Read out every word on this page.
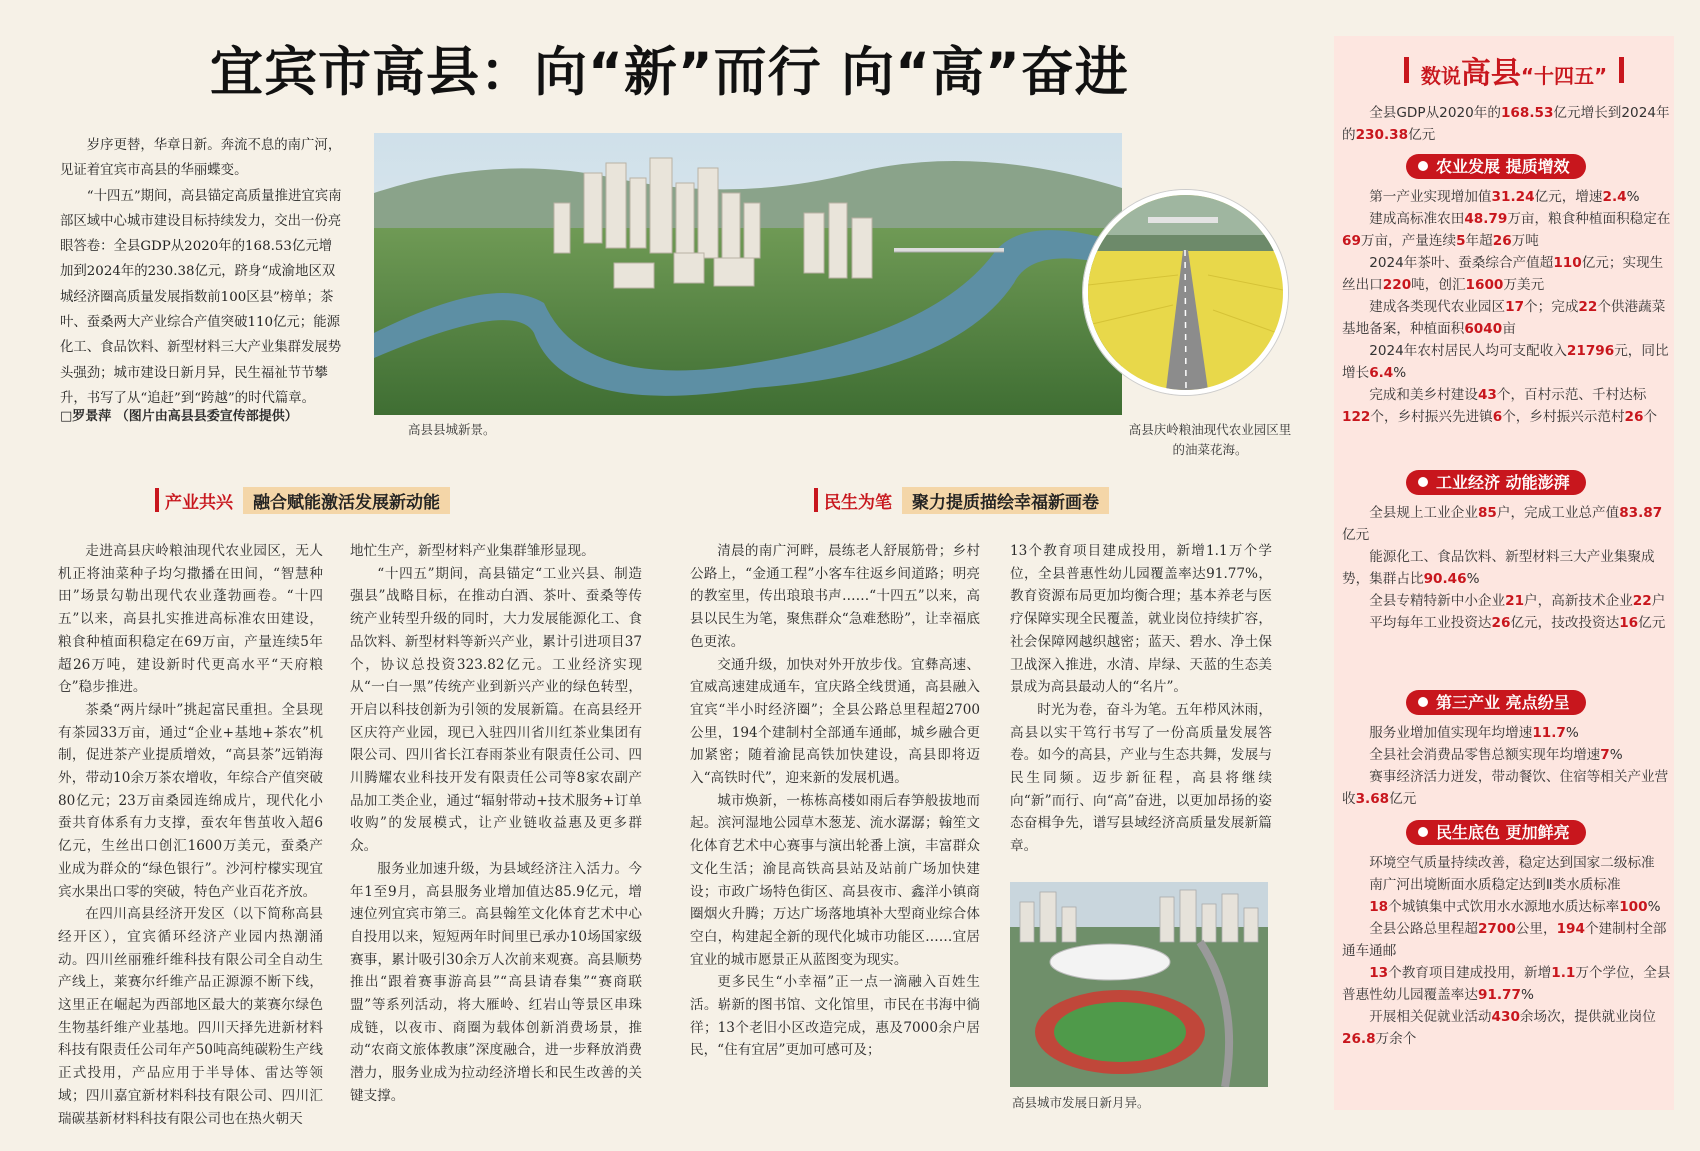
宜宾市高县：向“新”而行 向“高”奋进

岁序更替，华章日新。奔流不息的南广河，见证着宜宾市高县的华丽蝶变。

“十四五”期间，高县锚定高质量推进宜宾南部区域中心城市建设目标持续发力，交出一份亮眼答卷：全县GDP从2020年的168.53亿元增加到2024年的230.38亿元，跻身“成渝地区双城经济圈高质量发展指数前100区县”榜单；茶叶、蚕桑两大产业综合产值突破110亿元；能源化工、食品饮料、新型材料三大产业集群发展势头强劲；城市建设日新月异，民生福祉节节攀升，书写了从“追赶”到“跨越”的时代篇章。

□罗景萍 （图片由高县县委宣传部提供）
高县县城新景。	高县庆岭粮油现代农业园区里的油菜花海。
高县城市发展日新月异。
产业共兴	融合赋能激活发展新动能	民生为笔	聚力提质描绘幸福新画卷

走进高县庆岭粮油现代农业园区，无人机正将油菜种子均匀撒播在田间，“智慧种田”场景勾勒出现代农业蓬勃画卷。“十四五”以来，高县扎实推进高标准农田建设，粮食种植面积稳定在69万亩，产量连续5年超26万吨，建设新时代更高水平“天府粮仓”稳步推进。

茶桑“两片绿叶”挑起富民重担。全县现有茶园33万亩，通过“企业+基地+茶农”机制，促进茶产业提质增效，“高县茶”远销海外，带动10余万茶农增收，年综合产值突破80亿元；23万亩桑园连绵成片，现代化小蚕共育体系有力支撑，蚕农年售茧收入超6亿元，生丝出口创汇1600万美元，蚕桑产业成为群众的“绿色银行”。沙河柠檬实现宜宾水果出口零的突破，特色产业百花齐放。

在四川高县经济开发区（以下简称高县经开区），宜宾循环经济产业园内热潮涌动。四川丝丽雅纤维科技有限公司全自动生产线上，莱赛尔纤维产品正源源不断下线，这里正在崛起为西部地区最大的莱赛尔绿色生物基纤维产业基地。四川天择先进新材料科技有限责任公司年产50吨高纯碳粉生产线正式投用，产品应用于半导体、雷达等领域；四川嘉宜新材料科技有限公司、四川汇瑞碳基新材料科技有限公司也在热火朝天

地忙生产，新型材料产业集群雏形显现。

“十四五”期间，高县锚定“工业兴县、制造强县”战略目标，在推动白酒、茶叶、蚕桑等传统产业转型升级的同时，大力发展能源化工、食品饮料、新型材料等新兴产业，累计引进项目37个，协议总投资323.82亿元。工业经济实现从“一白一黑”传统产业到新兴产业的绿色转型，开启以科技创新为引领的发展新篇。在高县经开区庆符产业园，现已入驻四川省川红茶业集团有限公司、四川省长江春雨茶业有限责任公司、四川腾耀农业科技开发有限责任公司等8家农副产品加工类企业，通过“辐射带动+技术服务+订单收购”的发展模式，让产业链收益惠及更多群众。

服务业加速升级，为县域经济注入活力。今年1至9月，高县服务业增加值达85.9亿元，增速位列宜宾市第三。高县翰笙文化体育艺术中心自投用以来，短短两年时间里已承办10场国家级赛事，累计吸引30余万人次前来观赛。高县顺势推出“跟着赛事游高县”“高县请春集”“赛商联盟”等系列活动，将大雁岭、红岩山等景区串珠成链，以夜市、商圈为载体创新消费场景，推动“农商文旅体教康”深度融合，进一步释放消费潜力，服务业成为拉动经济增长和民生改善的关键支撑。

清晨的南广河畔，晨练老人舒展筋骨；乡村公路上，“金通工程”小客车往返乡间道路；明亮的教室里，传出琅琅书声……“十四五”以来，高县以民生为笔，聚焦群众“急难愁盼”，让幸福底色更浓。

交通升级，加快对外开放步伐。宜彝高速、宜威高速建成通车，宜庆路全线贯通，高县融入宜宾“半小时经济圈”；全县公路总里程超2700公里，194个建制村全部通车通邮，城乡融合更加紧密；随着渝昆高铁加快建设，高县即将迈入“高铁时代”，迎来新的发展机遇。

城市焕新，一栋栋高楼如雨后春笋般拔地而起。滨河湿地公园草木葱茏、流水潺潺；翰笙文化体育艺术中心赛事与演出轮番上演，丰富群众文化生活；渝昆高铁高县站及站前广场加快建设；市政广场特色街区、高县夜市、鑫洋小镇商圈烟火升腾；万达广场落地填补大型商业综合体空白，构建起全新的现代化城市功能区……宜居宜业的城市愿景正从蓝图变为现实。

更多民生“小幸福”正一点一滴融入百姓生活。崭新的图书馆、文化馆里，市民在书海中徜徉；13个老旧小区改造完成，惠及7000余户居民，“住有宜居”更加可感可及；

13个教育项目建成投用，新增1.1万个学位，全县普惠性幼儿园覆盖率达91.77%，教育资源布局更加均衡合理；基本养老与医疗保障实现全民覆盖，就业岗位持续扩容，社会保障网越织越密；蓝天、碧水、净土保卫战深入推进，水清、岸绿、天蓝的生态美景成为高县最动人的“名片”。

时光为卷，奋斗为笔。五年栉风沐雨，高县以实干笃行书写了一份高质量发展答卷。如今的高县，产业与生态共舞，发展与民生同频。迈步新征程，高县将继续向“新”而行、向“高”奋进，以更加昂扬的姿态奋楫争先，谱写县域经济高质量发展新篇章。

数说高县“十四五”

全县GDP从2020年的168.53亿元增长到2024年的230.38亿元

农业发展 提质增效

第一产业实现增加值31.24亿元，增速2.4%

建成高标准农田48.79万亩，粮食种植面积稳定在69万亩，产量连续5年超26万吨

2024年茶叶、蚕桑综合产值超110亿元；实现生丝出口220吨，创汇1600万美元

建成各类现代农业园区17个；完成22个供港蔬菜基地备案，种植面积6040亩

2024年农村居民人均可支配收入21796元，同比增长6.4%

完成和美乡村建设43个，百村示范、千村达标122个，乡村振兴先进镇6个，乡村振兴示范村26个

工业经济 动能澎湃

全县规上工业企业85户，完成工业总产值83.87亿元

能源化工、食品饮料、新型材料三大产业集聚成势，集群占比90.46%

全县专精特新中小企业21户，高新技术企业22户

平均每年工业投资达26亿元，技改投资达16亿元

第三产业 亮点纷呈

服务业增加值实现年均增速11.7%

全县社会消费品零售总额实现年均增速7%

赛事经济活力迸发，带动餐饮、住宿等相关产业营收3.68亿元

民生底色 更加鲜亮

环境空气质量持续改善，稳定达到国家二级标准

南广河出境断面水质稳定达到Ⅱ类水质标准

18个城镇集中式饮用水水源地水质达标率100%

全县公路总里程超2700公里，194个建制村全部通车通邮

13个教育项目建成投用，新增1.1万个学位，全县普惠性幼儿园覆盖率达91.77%

开展相关促就业活动430余场次，提供就业岗位26.8万余个
